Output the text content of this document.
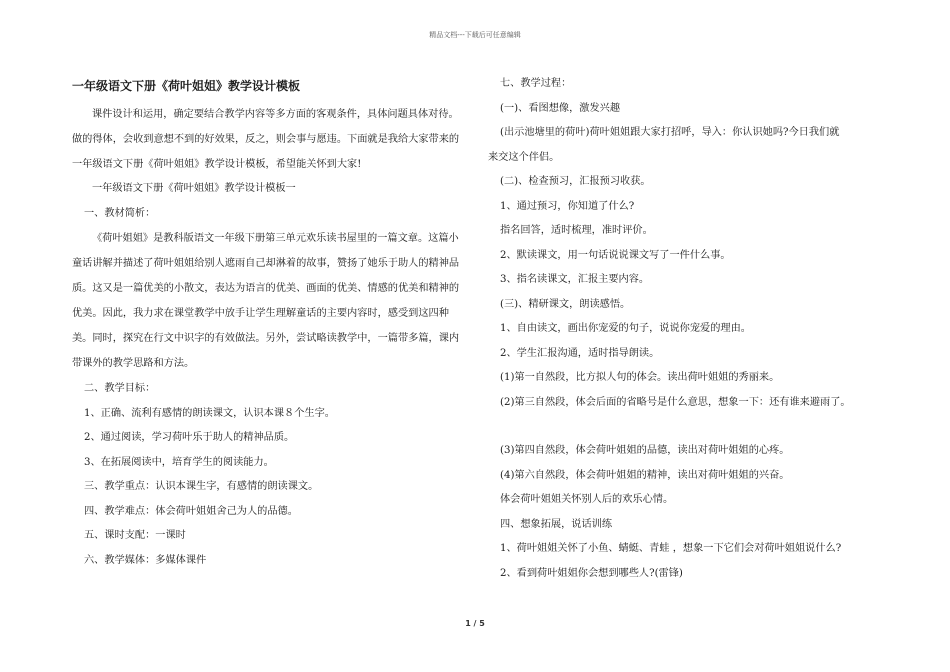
精品文档---下载后可任意编辑
一年级语文下册《荷叶姐姐》教学设计模板

课件设计和运用，确定要结合教学内容等多方面的客观条件，具体问题具体对待。做的得体，会收到意想不到的好效果，反之，则会事与愿违。下面就是我给大家带来的一年级语文下册《荷叶姐姐》教学设计模板，希望能关怀到大家!

一年级语文下册《荷叶姐姐》教学设计模板一

一、教材简析：

《荷叶姐姐》是教科版语文一年级下册第三单元欢乐读书屋里的一篇文章。这篇小童话讲解并描述了荷叶姐姐给别人遮雨自己却淋着的故事，赞扬了她乐于助人的精神品质。这又是一篇优美的小散文，表达为语言的优美、画面的优美、情感的优美和精神的优美。因此，我力求在课堂教学中放手让学生理解童话的主要内容时，感受到这四种美。同时，探究在行文中识字的有效做法。另外，尝试略读教学中，一篇带多篇，课内带课外的教学思路和方法。

二、教学目标：

1、正确、流利有感情的朗读课文，认识本课８个生字。

2、通过阅读，学习荷叶乐于助人的精神品质。

3、在拓展阅读中，培育学生的阅读能力。

三、教学重点：认识本课生字，有感情的朗读课文。

四、教学难点：体会荷叶姐姐舍己为人的品德。

五、课时支配：一课时

六、教学媒体：多媒体课件

七、教学过程：

(一)、看图想像，激发兴趣

(出示池塘里的荷叶)荷叶姐姐跟大家打招呼，导入：你认识她吗?今日我们就

来交这个伴侣。

(二)、检查预习，汇报预习收获。

1、通过预习，你知道了什么?

指名回答，适时梳理，准时评价。

2、默读课文，用一句话说说课文写了一件什么事。

3、指名读课文，汇报主要内容。

(三)、精研课文，朗读感悟。

1、自由读文，画出你宠爱的句子，说说你宠爱的理由。

2、学生汇报沟通，适时指导朗读。

(1)第一自然段，比方拟人句的体会。读出荷叶姐姐的秀丽来。

(2)第三自然段，体会后面的省略号是什么意思，想象一下：还有谁来避雨了。

(3)第四自然段，体会荷叶姐姐的品德，读出对荷叶姐姐的心疼。

(4)第六自然段，体会荷叶姐姐的精神，读出对荷叶姐姐的兴奋。

体会荷叶姐姐关怀别人后的欢乐心情。

四、想象拓展，说话训练

1、荷叶姐姐关怀了小鱼、蜻蜓、青蛙 ，想象一下它们会对荷叶姐姐说什么?

2、看到荷叶姐姐你会想到哪些人?(雷锋)

1 / 5
